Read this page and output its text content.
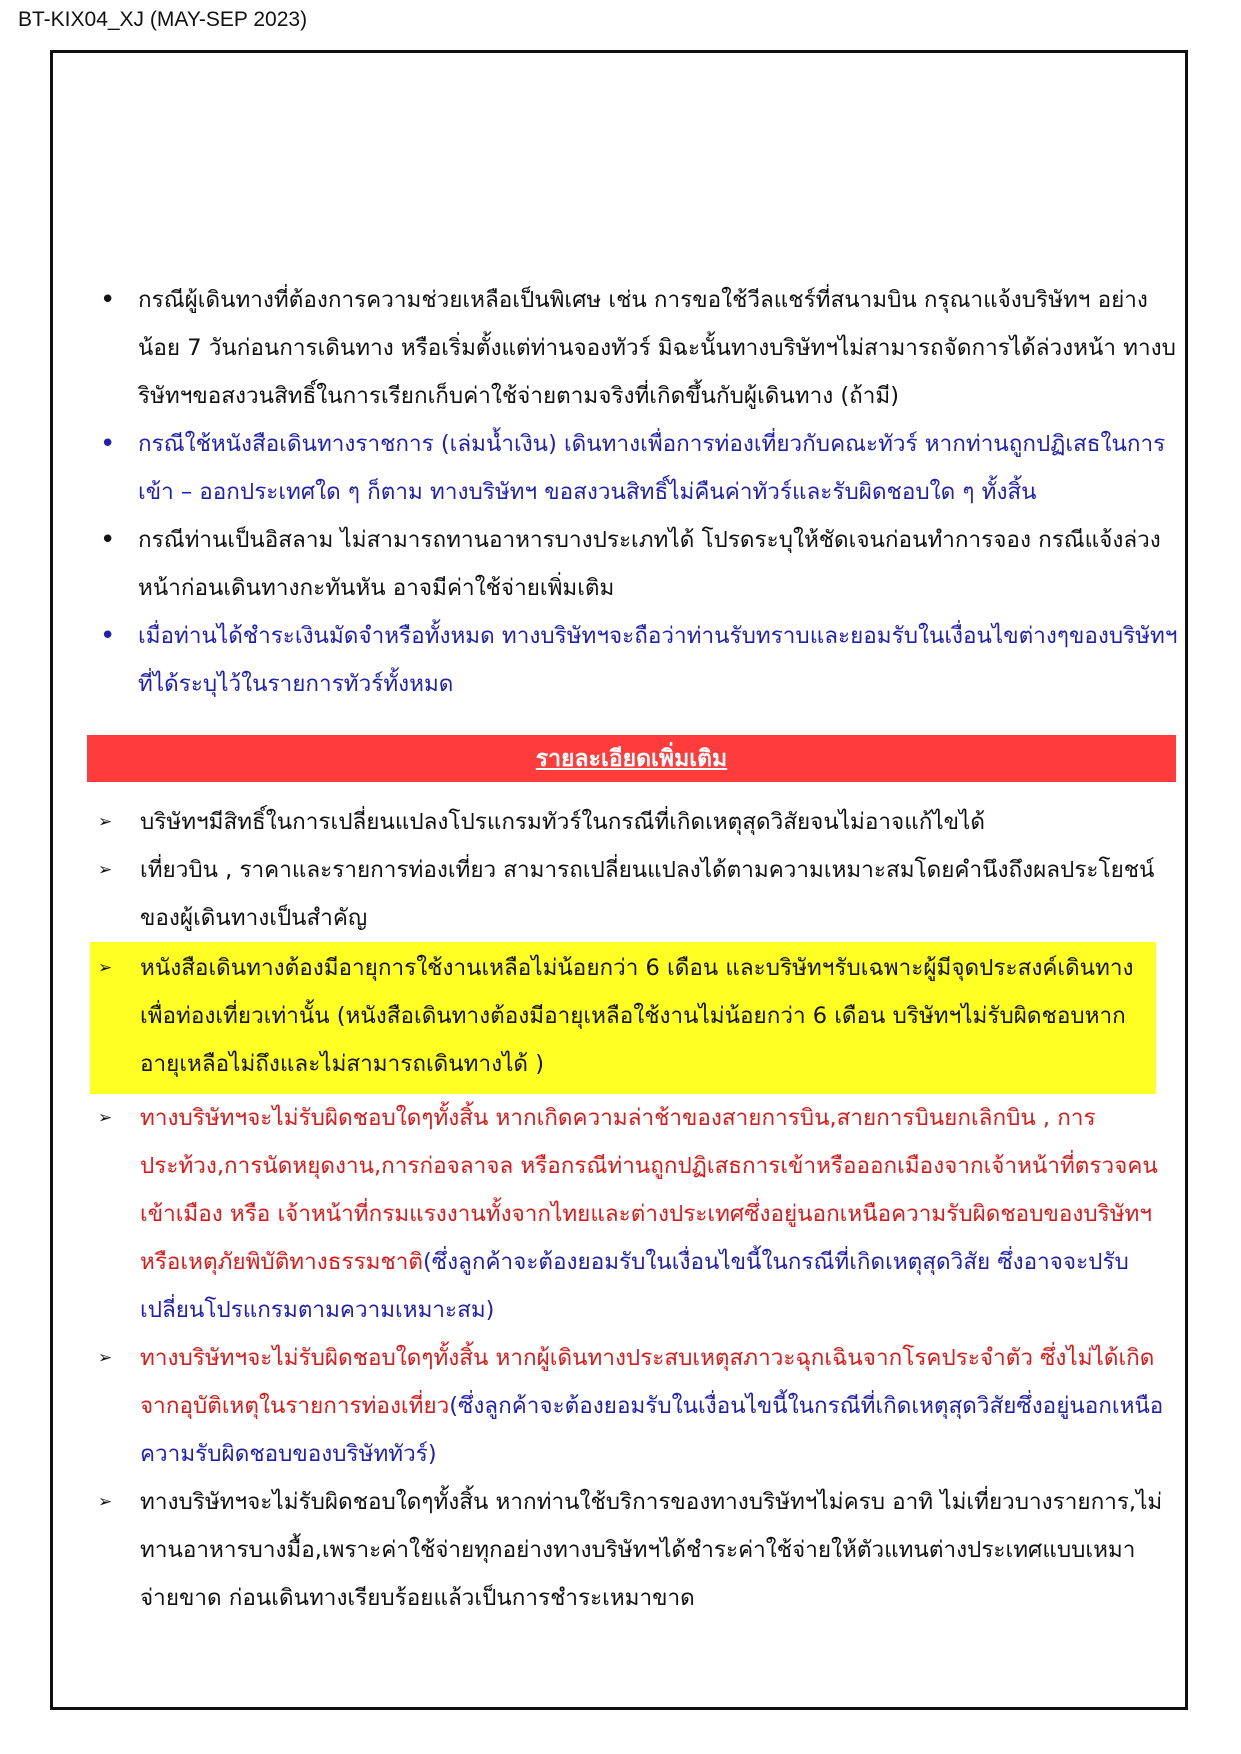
BT-KIX04_XJ (MAY-SEP 2023)
•	กรณีผู้เดินทางที่ต้องการความช่วยเหลือเป็นพิเศษ เช่น การขอใช้วีลแชร์ที่สนามบิน กรุณาแจ้งบริษัทฯ อย่างน้อย 7 วันก่อนการเดินทาง หรือเริ่มตั้งแต่ท่านจองทัวร์ มิฉะนั้นทางบริษัทฯไม่สามารถจัดการได้ล่วงหน้า ทางบริษัทฯขอสงวนสิทธิ์ในการเรียกเก็บค่าใช้จ่ายตามจริงที่เกิดขึ้นกับผู้เดินทาง (ถ้ามี)
•	กรณีใช้หนังสือเดินทางราชการ (เล่มน้ำเงิน) เดินทางเพื่อการท่องเที่ยวกับคณะทัวร์ หากท่านถูกปฏิเสธในการเข้า – ออกประเทศใด ๆ ก็ตาม ทางบริษัทฯ ขอสงวนสิทธิ์ไม่คืนค่าทัวร์และรับผิดชอบใด ๆ ทั้งสิ้น
•	กรณีท่านเป็นอิสลาม ไม่สามารถทานอาหารบางประเภทได้ โปรดระบุให้ชัดเจนก่อนทำการจอง กรณีแจ้งล่วงหน้าก่อนเดินทางกะทันหัน อาจมีค่าใช้จ่ายเพิ่มเติม
•	เมื่อท่านได้ชำระเงินมัดจำหรือทั้งหมด ทางบริษัทฯจะถือว่าท่านรับทราบและยอมรับในเงื่อนไขต่างๆของบริษัทฯที่ได้ระบุไว้ในรายการทัวร์ทั้งหมด
รายละเอียดเพิ่มเติม
➢	บริษัทฯมีสิทธิ์ในการเปลี่ยนแปลงโปรแกรมทัวร์ในกรณีที่เกิดเหตุสุดวิสัยจนไม่อาจแก้ไขได้
➢	เที่ยวบิน , ราคาและรายการท่องเที่ยว สามารถเปลี่ยนแปลงได้ตามความเหมาะสมโดยคำนึงถึงผลประโยชน์ของผู้เดินทางเป็นสำคัญ
➢	หนังสือเดินทางต้องมีอายุการใช้งานเหลือไม่น้อยกว่า 6 เดือน และบริษัทฯรับเฉพาะผู้มีจุดประสงค์เดินทางเพื่อท่องเที่ยวเท่านั้น (หนังสือเดินทางต้องมีอายุเหลือใช้งานไม่น้อยกว่า 6 เดือน บริษัทฯไม่รับผิดชอบหากอายุเหลือไม่ถึงและไม่สามารถเดินทางได้ )
➢	ทางบริษัทฯจะไม่รับผิดชอบใดๆทั้งสิ้น หากเกิดความล่าช้าของสายการบิน,สายการบินยกเลิกบิน , การประท้วง,การนัดหยุดงาน,การก่อจลาจล หรือกรณีท่านถูกปฏิเสธการเข้าหรือออกเมืองจากเจ้าหน้าที่ตรวจคนเข้าเมือง หรือ เจ้าหน้าที่กรมแรงงานทั้งจากไทยและต่างประเทศซึ่งอยู่นอกเหนือความรับผิดชอบของบริษัทฯหรือเหตุภัยพิบัติทางธรรมชาติ(ซึ่งลูกค้าจะต้องยอมรับในเงื่อนไขนี้ในกรณีที่เกิดเหตุสุดวิสัย ซึ่งอาจจะปรับเปลี่ยนโปรแกรมตามความเหมาะสม)
➢	ทางบริษัทฯจะไม่รับผิดชอบใดๆทั้งสิ้น หากผู้เดินทางประสบเหตุสภาวะฉุกเฉินจากโรคประจำตัว ซึ่งไม่ได้เกิดจากอุบัติเหตุในรายการท่องเที่ยว(ซึ่งลูกค้าจะต้องยอมรับในเงื่อนไขนี้ในกรณีที่เกิดเหตุสุดวิสัยซึ่งอยู่นอกเหนือความรับผิดชอบของบริษัททัวร์)
➢	ทางบริษัทฯจะไม่รับผิดชอบใดๆทั้งสิ้น หากท่านใช้บริการของทางบริษัทฯไม่ครบ อาทิ ไม่เที่ยวบางรายการ,ไม่ทานอาหารบางมื้อ,เพราะค่าใช้จ่ายทุกอย่างทางบริษัทฯได้ชำระค่าใช้จ่ายให้ตัวแทนต่างประเทศแบบเหมาจ่ายขาด ก่อนเดินทางเรียบร้อยแล้วเป็นการชำระเหมาขาด
